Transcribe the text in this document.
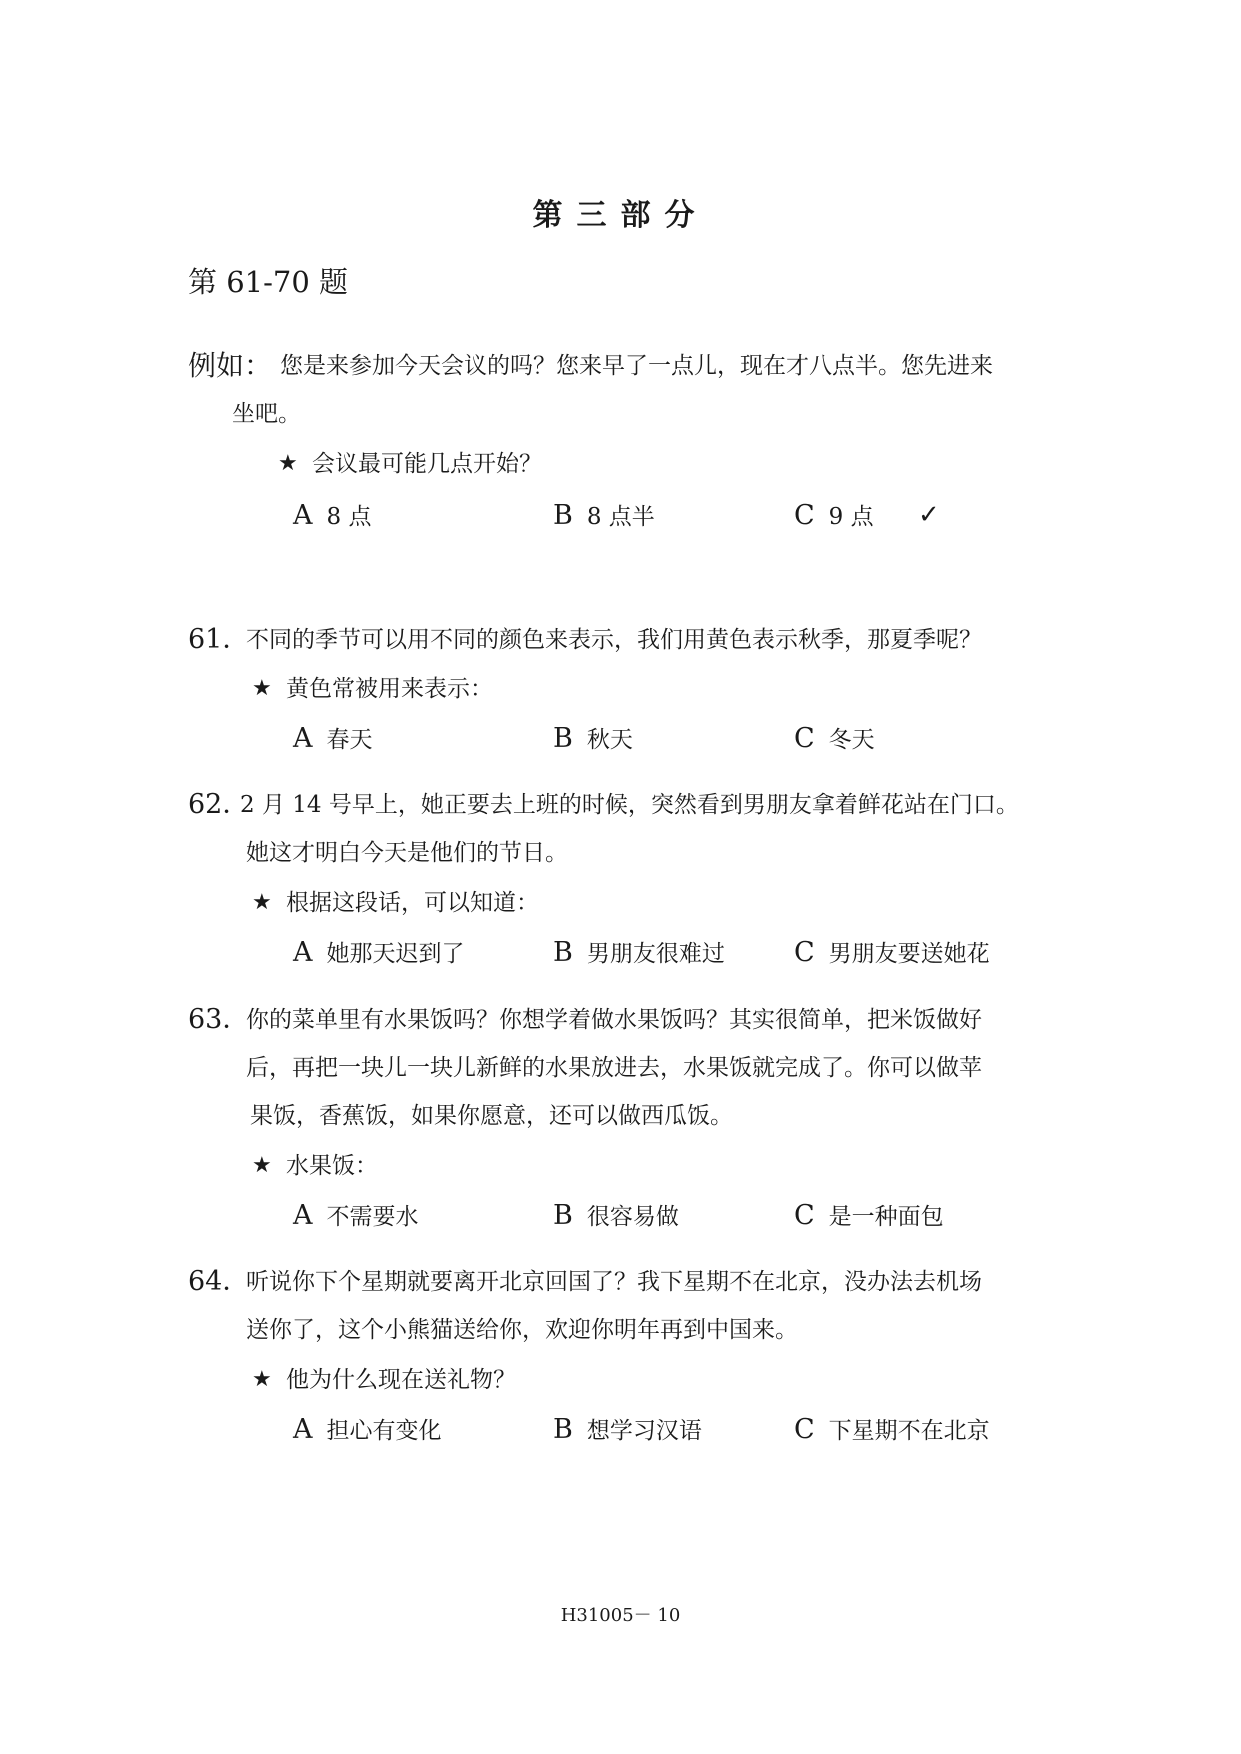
第三部分
第 61-70 题
例如： 您是来参加今天会议的吗？您来早了一点儿，现在才八点半。您先进来
坐吧。
★ 会议最可能几点开始？
A 8 点	B 8 点半	C 9 点 ✓
61．
不同的季节可以用不同的颜色来表示，我们用黄色表示秋季，那夏季呢？
★ 黄色常被用来表示：
A 春天	B 秋天	C 冬天
62．
2 月 14 号早上，她正要去上班的时候，突然看到男朋友拿着鲜花站在门口。
她这才明白今天是他们的节日。
★ 根据这段话，可以知道：
A 她那天迟到了	B 男朋友很难过	C 男朋友要送她花
63．
你的菜单里有水果饭吗？你想学着做水果饭吗？其实很简单，把米饭做好
后，再把一块儿一块儿新鲜的水果放进去，水果饭就完成了。你可以做苹
果饭，香蕉饭，如果你愿意，还可以做西瓜饭。
★ 水果饭：
A 不需要水	B 很容易做	C 是一种面包
64．
听说你下个星期就要离开北京回国了？我下星期不在北京，没办法去机场
送你了，这个小熊猫送给你，欢迎你明年再到中国来。
★ 他为什么现在送礼物？
A 担心有变化	B 想学习汉语	C 下星期不在北京
H31005－ 10
